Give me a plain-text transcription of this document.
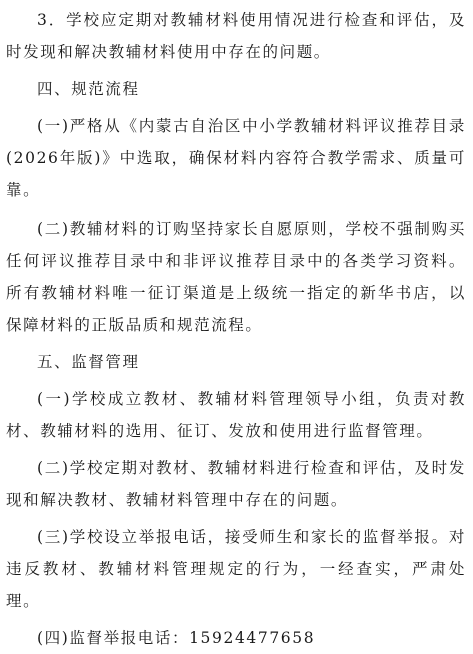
3．学校应定期对教辅材料使用情况进行检查和评估，及时发现和解决教辅材料使用中存在的问题。

四、规范流程

(一)严格从《内蒙古自治区中小学教辅材料评议推荐目录(2026年版)》中选取，确保材料内容符合教学需求、质量可靠。

(二)教辅材料的订购坚持家长自愿原则，学校不强制购买任何评议推荐目录中和非评议推荐目录中的各类学习资料。所有教辅材料唯一征订渠道是上级统一指定的新华书店，以保障材料的正版品质和规范流程。

五、监督管理

(一)学校成立教材、教辅材料管理领导小组，负责对教材、教辅材料的选用、征订、发放和使用进行监督管理。

(二)学校定期对教材、教辅材料进行检查和评估，及时发现和解决教材、教辅材料管理中存在的问题。

(三)学校设立举报电话，接受师生和家长的监督举报。对违反教材、教辅材料管理规定的行为，一经查实，严肃处理。

(四)监督举报电话：15924477658
